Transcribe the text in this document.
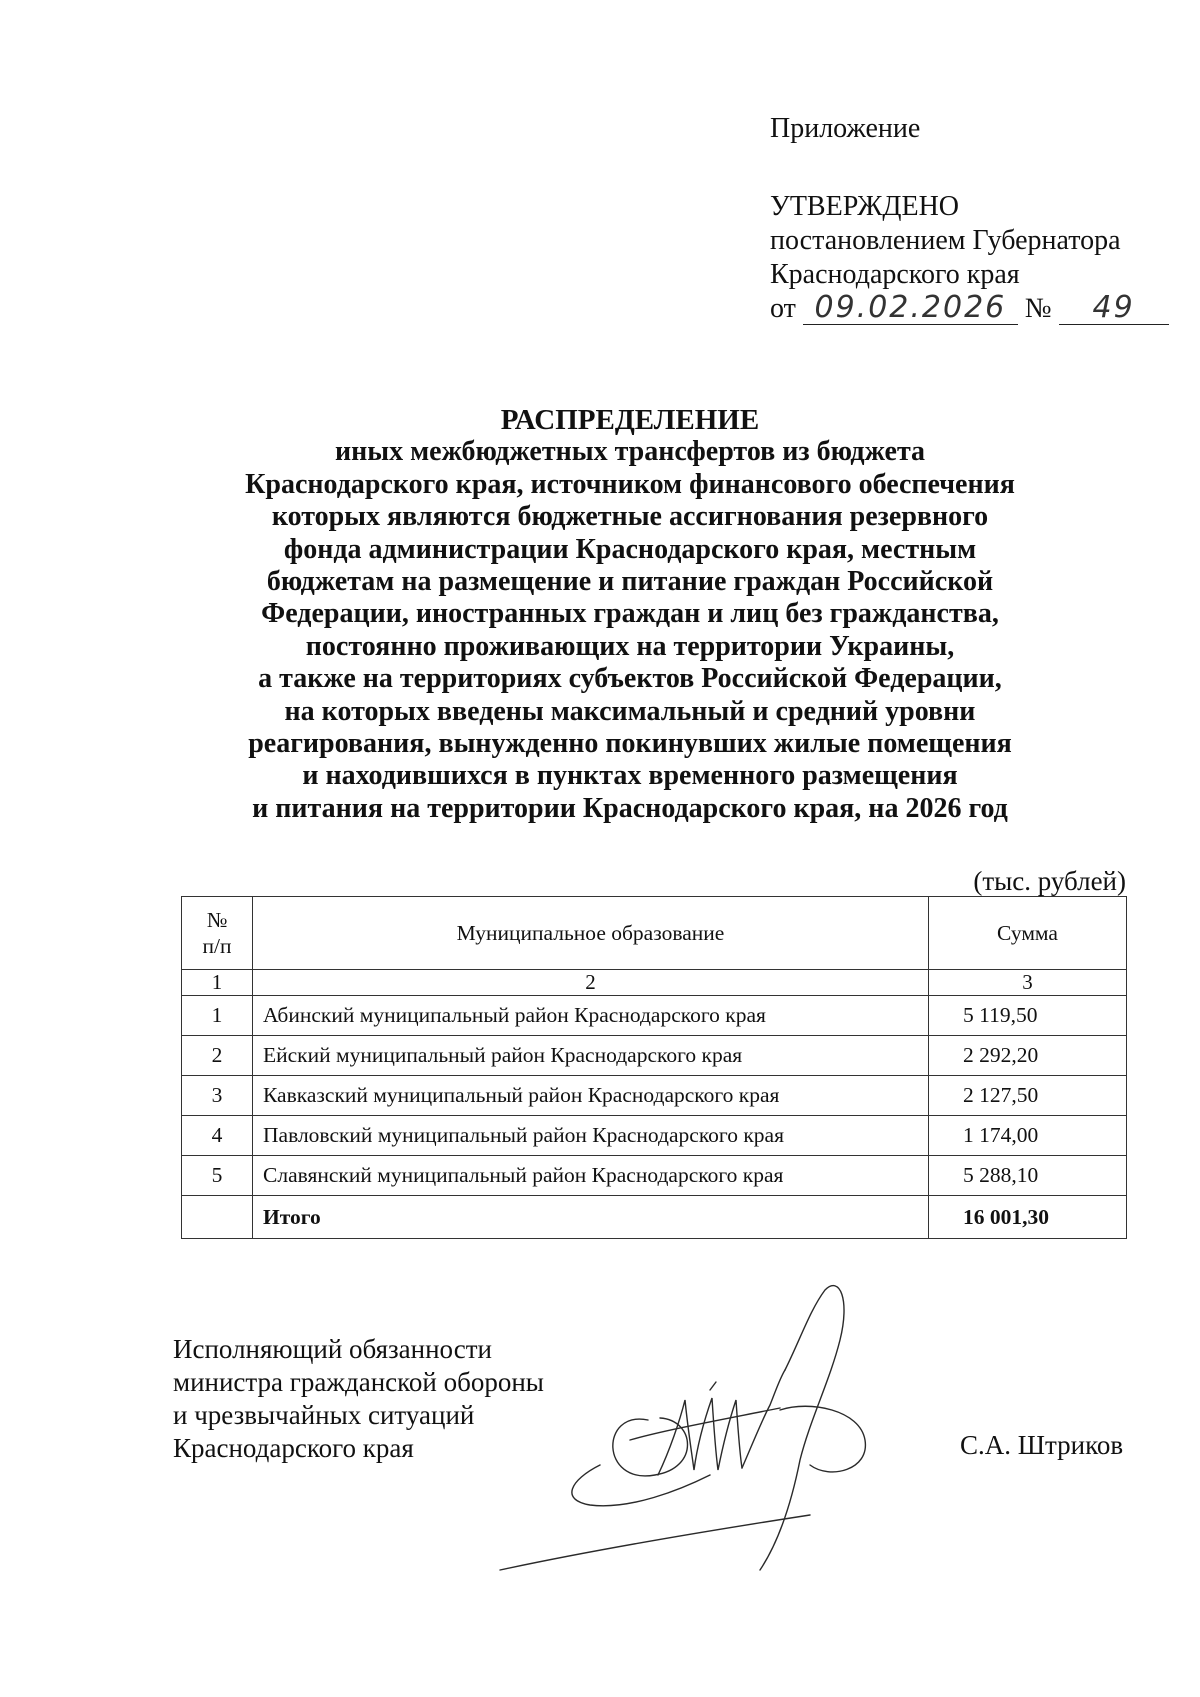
Приложение
УТВЕРЖДЕНО
постановлением Губернатора
Краснодарского края
от 09.02.2026 № 49
РАСПРЕДЕЛЕНИЕ
иных межбюджетных трансфертов из бюджета
Краснодарского края, источником финансового обеспечения
которых являются бюджетные ассигнования резервного
фонда администрации Краснодарского края, местным
бюджетам на размещение и питание граждан Российской
Федерации, иностранных граждан и лиц без гражданства,
постоянно проживающих на территории Украины,
а также на территориях субъектов Российской Федерации,
на которых введены максимальный и средний уровни
реагирования, вынужденно покинувших жилые помещения
и находившихся в пунктах временного размещения
и питания на территории Краснодарского края, на 2026 год
(тыс. рублей)
№
п/п	Муниципальное образование	Сумма
1	2	3
1	Абинский муниципальный район Краснодарского края	5 119,50
2	Ейский муниципальный район Краснодарского края	2 292,20
3	Кавказский муниципальный район Краснодарского края	2 127,50
4	Павловский муниципальный район Краснодарского края	1 174,00
5	Славянский муниципальный район Краснодарского края	5 288,10
	Итого	16 001,30
Исполняющий обязанности
министра гражданской обороны
и чрезвычайных ситуаций
Краснодарского края	С.А. Штриков
